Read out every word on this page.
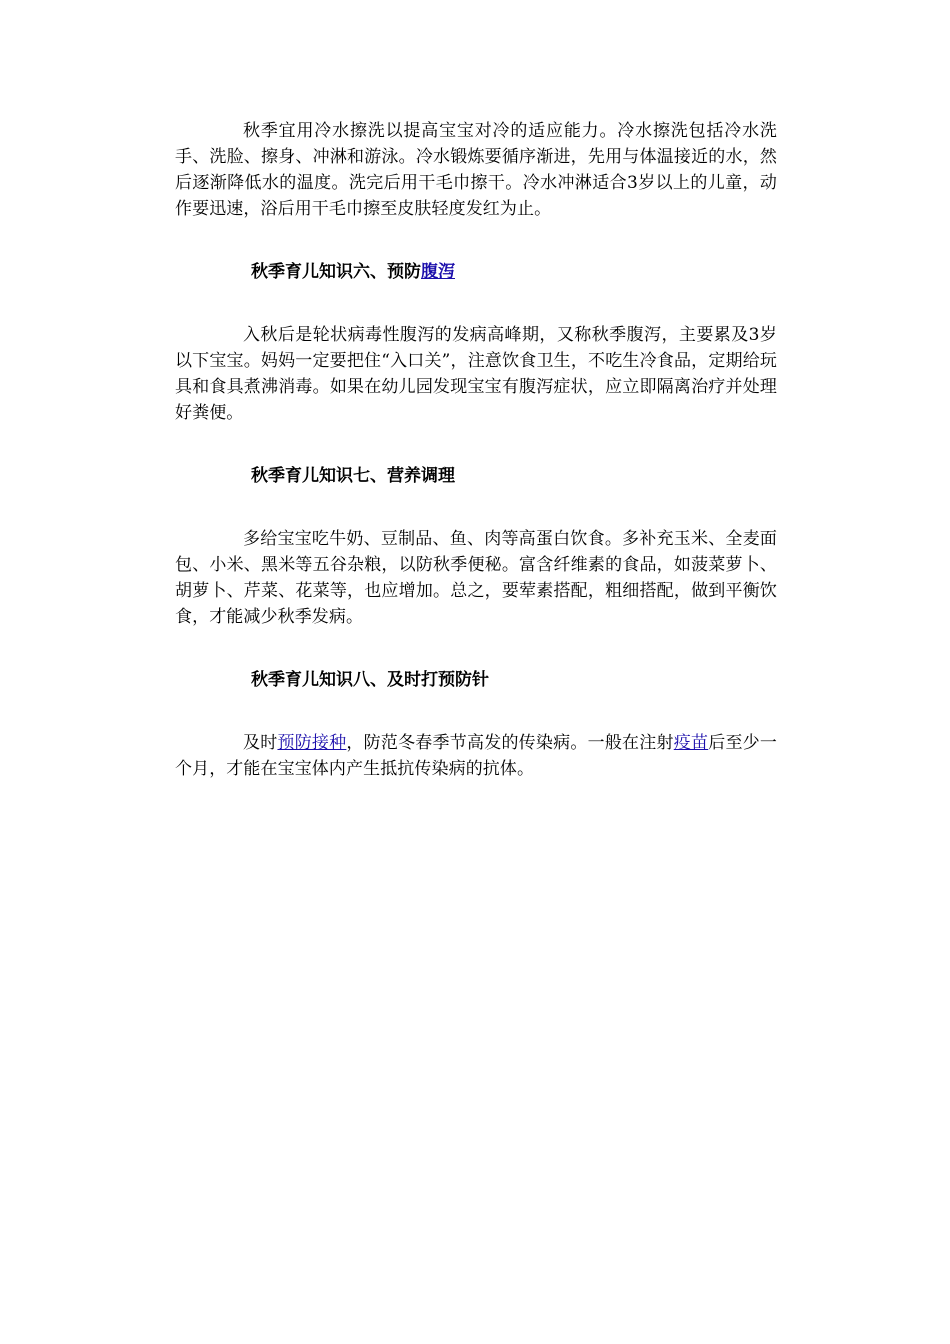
秋季宜用冷水擦洗以提高宝宝对冷的适应能力。冷水擦洗包括冷水洗手、洗脸、擦身、冲淋和游泳。冷水锻炼要循序渐进，先用与体温接近的水，然后逐渐降低水的温度。洗完后用干毛巾擦干。冷水冲淋适合3岁以上的儿童，动作要迅速，浴后用干毛巾擦至皮肤轻度发红为止。

秋季育儿知识六、预防腹泻

入秋后是轮状病毒性腹泻的发病高峰期，又称秋季腹泻，主要累及3岁以下宝宝。妈妈一定要把住“入口关”，注意饮食卫生，不吃生冷食品，定期给玩具和食具煮沸消毒。如果在幼儿园发现宝宝有腹泻症状，应立即隔离治疗并处理好粪便。

秋季育儿知识七、营养调理

多给宝宝吃牛奶、豆制品、鱼、肉等高蛋白饮食。多补充玉米、全麦面包、小米、黑米等五谷杂粮，以防秋季便秘。富含纤维素的食品，如菠菜萝卜、胡萝卜、芹菜、花菜等，也应增加。总之，要荤素搭配，粗细搭配，做到平衡饮食，才能减少秋季发病。

秋季育儿知识八、及时打预防针

及时预防接种，防范冬春季节高发的传染病。一般在注射疫苗后至少一个月，才能在宝宝体内产生抵抗传染病的抗体。
